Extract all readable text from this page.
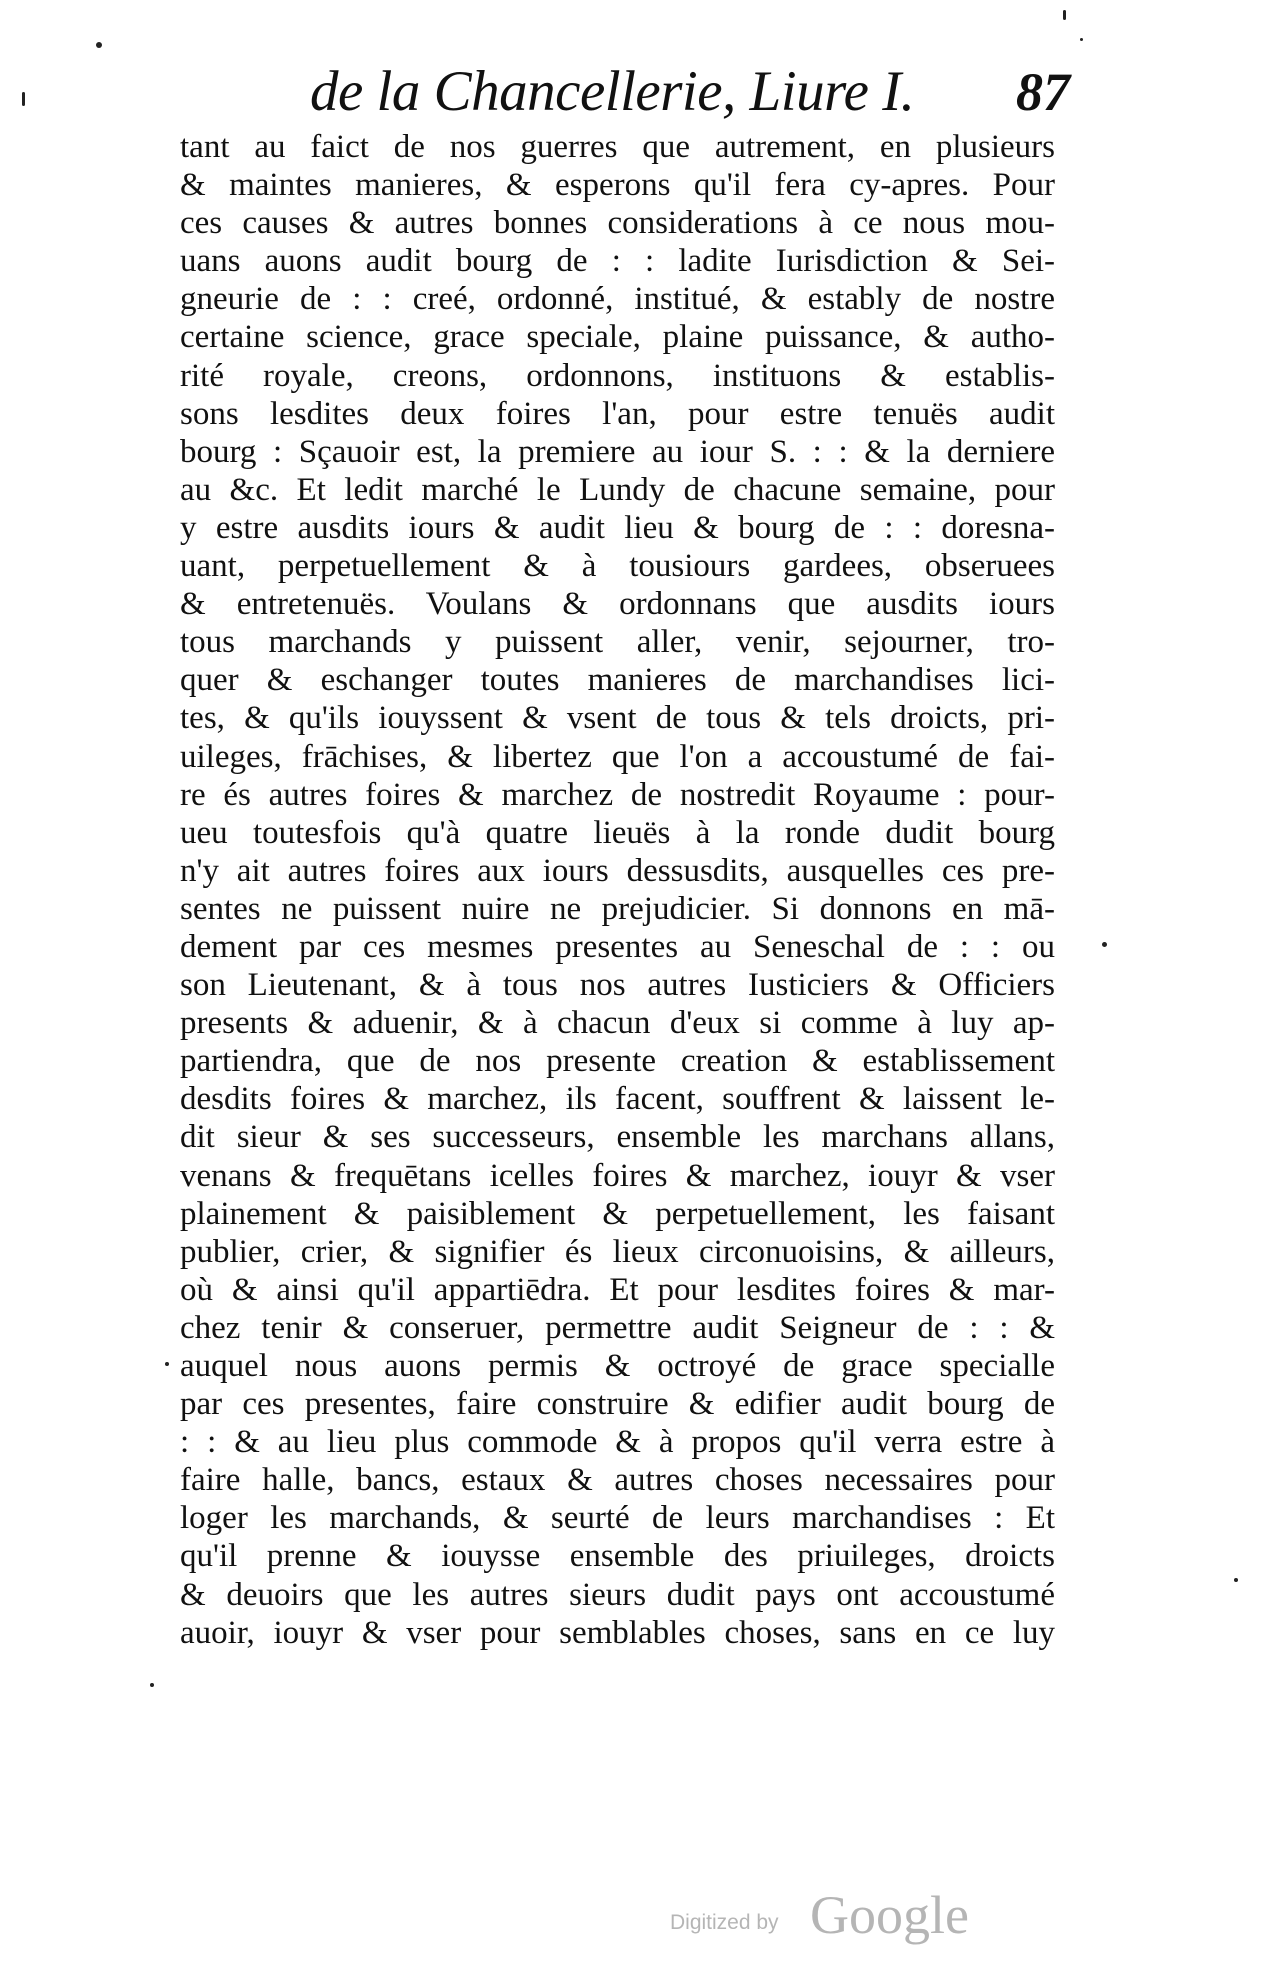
de la Chancellerie, Liure I. 87
tant au faict de nos guerres que autrement, en plusieurs
& maintes manieres, & esperons qu'il fera cy-apres. Pour
ces causes & autres bonnes considerations à ce nous mou-
uans auons audit bourg de : : ladite Iurisdiction & Sei-
gneurie de : : creé, ordonné, institué, & estably de nostre
certaine science, grace speciale, plaine puissance, & autho-
rité royale, creons, ordonnons, instituons & establis-
sons lesdites deux foires l'an, pour estre tenuës audit
bourg : Sçauoir est, la premiere au iour S. : : & la derniere
au &c. Et ledit marché le Lundy de chacune semaine, pour
y estre ausdits iours & audit lieu & bourg de : : doresna-
uant, perpetuellement & à tousiours gardees, obseruees
& entretenuës. Voulans & ordonnans que ausdits iours
tous marchands y puissent aller, venir, sejourner, tro-
quer & eschanger toutes manieres de marchandises lici-
tes, & qu'ils iouyssent & vsent de tous & tels droicts, pri-
uileges, frāchises, & libertez que l'on a accoustumé de fai-
re és autres foires & marchez de nostredit Royaume : pour-
ueu toutesfois qu'à quatre lieuës à la ronde dudit bourg
n'y ait autres foires aux iours dessusdits, ausquelles ces pre-
sentes ne puissent nuire ne prejudicier. Si donnons en mā-
dement par ces mesmes presentes au Seneschal de : : ou
son Lieutenant, & à tous nos autres Iusticiers & Officiers
presents & aduenir, & à chacun d'eux si comme à luy ap-
partiendra, que de nos presente creation & establissement
desdits foires & marchez, ils facent, souffrent & laissent le-
dit sieur & ses successeurs, ensemble les marchans allans,
venans & frequētans icelles foires & marchez, iouyr & vser
plainement & paisiblement & perpetuellement, les faisant
publier, crier, & signifier és lieux circonuoisins, & ailleurs,
où & ainsi qu'il appartiēdra. Et pour lesdites foires & mar-
chez tenir & conseruer, permettre audit Seigneur de : : &
auquel nous auons permis & octroyé de grace specialle
par ces presentes, faire construire & edifier audit bourg de
: : & au lieu plus commode & à propos qu'il verra estre à
faire halle, bancs, estaux & autres choses necessaires pour
loger les marchands, & seurté de leurs marchandises : Et
qu'il prenne & iouysse ensemble des priuileges, droicts
& deuoirs que les autres sieurs dudit pays ont accoustumé
auoir, iouyr & vser pour semblables choses, sans en ce luy
Digitized by Google
